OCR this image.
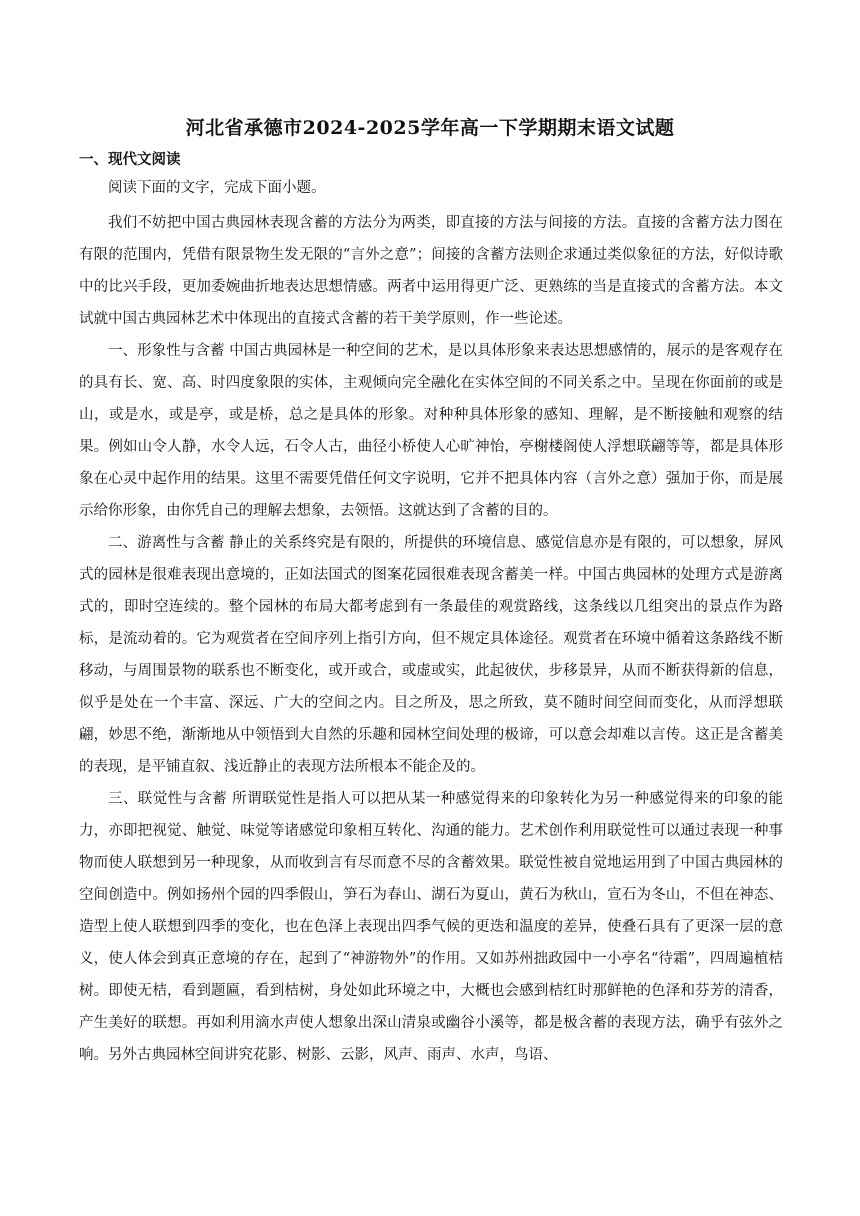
河北省承德市2024-2025学年高一下学期期末语文试题
一、现代文阅读

阅读下面的文字，完成下面小题。

我们不妨把中国古典园林表现含蓄的方法分为两类，即直接的方法与间接的方法。直接的含蓄方法力图在有限的范围内，凭借有限景物生发无限的“言外之意”；间接的含蓄方法则企求通过类似象征的方法，好似诗歌中的比兴手段，更加委婉曲折地表达思想情感。两者中运用得更广泛、更熟练的当是直接式的含蓄方法。本文试就中国古典园林艺术中体现出的直接式含蓄的若干美学原则，作一些论述。

一、形象性与含蓄 中国古典园林是一种空间的艺术，是以具体形象来表达思想感情的，展示的是客观存在的具有长、宽、高、时四度象限的实体，主观倾向完全融化在实体空间的不同关系之中。呈现在你面前的或是山，或是水，或是亭，或是桥，总之是具体的形象。对种种具体形象的感知、理解，是不断接触和观察的结果。例如山令人静，水令人远，石令人古，曲径小桥使人心旷神怡，亭榭楼阁使人浮想联翩等等，都是具体形象在心灵中起作用的结果。这里不需要凭借任何文字说明，它并不把具体内容（言外之意）强加于你，而是展示给你形象，由你凭自己的理解去想象，去领悟。这就达到了含蓄的目的。

二、游离性与含蓄 静止的关系终究是有限的，所提供的环境信息、感觉信息亦是有限的，可以想象，屏风式的园林是很难表现出意境的，正如法国式的图案花园很难表现含蓄美一样。中国古典园林的处理方式是游离式的，即时空连续的。整个园林的布局大都考虑到有一条最佳的观赏路线，这条线以几组突出的景点作为路标，是流动着的。它为观赏者在空间序列上指引方向，但不规定具体途径。观赏者在环境中循着这条路线不断移动，与周围景物的联系也不断变化，或开或合，或虚或实，此起彼伏，步移景异，从而不断获得新的信息，似乎是处在一个丰富、深远、广大的空间之内。目之所及，思之所致，莫不随时间空间而变化，从而浮想联翩，妙思不绝，渐渐地从中领悟到大自然的乐趣和园林空间处理的极谛，可以意会却难以言传。这正是含蓄美的表现，是平铺直叙、浅近静止的表现方法所根本不能企及的。

三、联觉性与含蓄 所谓联觉性是指人可以把从某一种感觉得来的印象转化为另一种感觉得来的印象的能力，亦即把视觉、触觉、味觉等诸感觉印象相互转化、沟通的能力。艺术创作利用联觉性可以通过表现一种事物而使人联想到另一种现象，从而收到言有尽而意不尽的含蓄效果。联觉性被自觉地运用到了中国古典园林的空间创造中。例如扬州个园的四季假山，笋石为春山、湖石为夏山，黄石为秋山，宣石为冬山，不但在神态、造型上使人联想到四季的变化，也在色泽上表现出四季气候的更迭和温度的差异，使叠石具有了更深一层的意义，使人体会到真正意境的存在，起到了“神游物外”的作用。又如苏州拙政园中一小亭名“待霜”，四周遍植桔树。即使无桔，看到题匾，看到桔树，身处如此环境之中，大概也会感到桔红时那鲜艳的色泽和芬芳的清香，产生美好的联想。再如利用滴水声使人想象出深山清泉或幽谷小溪等，都是极含蓄的表现方法，确乎有弦外之响。另外古典园林空间讲究花影、树影、云影，风声、雨声、水声，鸟语、
